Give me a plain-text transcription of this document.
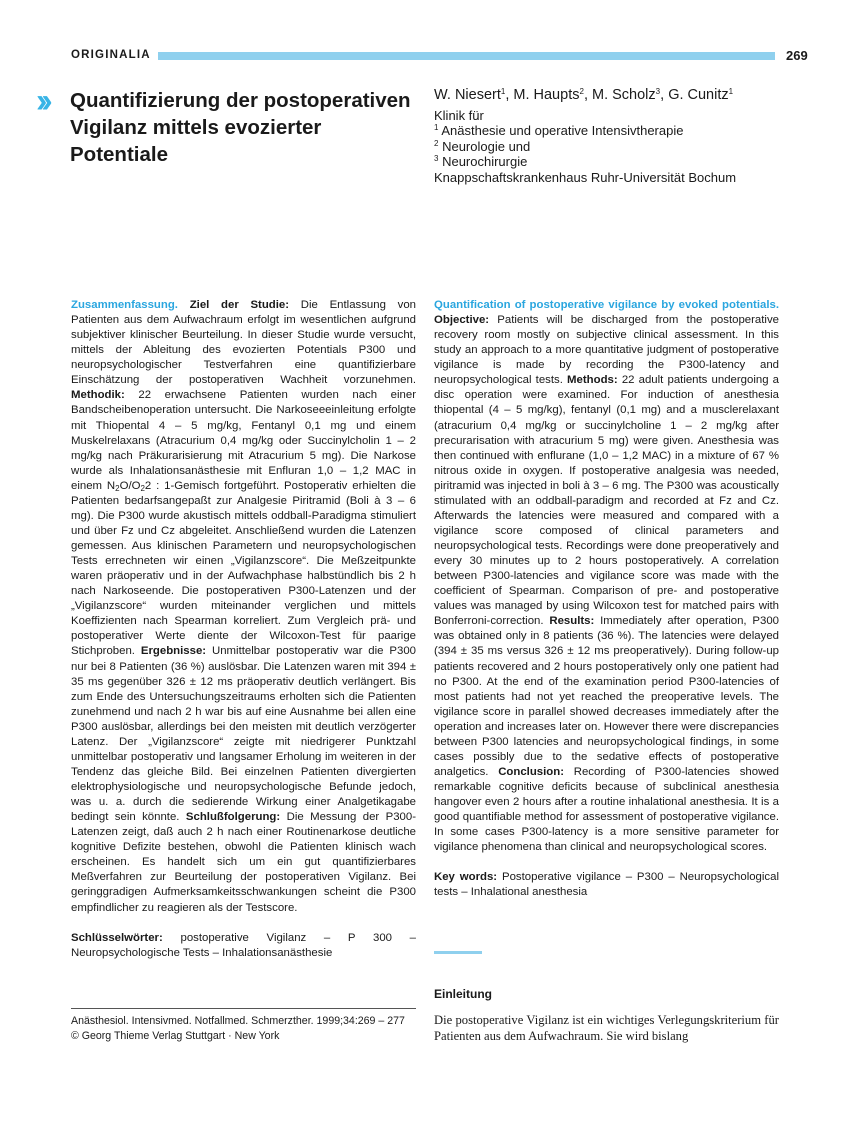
ORIGINALIA	269
›› Quantifizierung der postoperativen
Vigilanz mittels evozierter
Potentiale
W. Niesert$^1$, M. Haupts$^2$, M. Scholz$^3$, G. Cunitz$^1$
Klinik für
$^1$ Anästhesie und operative Intensivtherapie
$^2$ Neurologie und
$^3$ Neurochirurgie
Knappschaftskrankenhaus Ruhr-Universität Bochum
Zusammenfassung. Ziel der Studie: Die Entlassung von Patienten aus dem Aufwachraum erfolgt im wesentlichen aufgrund subjektiver klinischer Beurteilung. In dieser Studie wurde versucht, mittels der Ableitung des evozierten Potentials P300 und neuropsychologischer Testverfahren eine quantifizierbare Einschätzung der postoperativen Wachheit vorzunehmen. Methodik: 22 erwachsene Patienten wurden nach einer Bandscheibenoperation untersucht. Die Narkoseeeinleitung erfolgte mit Thiopental 4 – 5 mg/kg, Fentanyl 0,1 mg und einem Muskelrelaxans (Atracurium 0,4 mg/kg oder Succinylcholin 1 – 2 mg/kg nach Präkurarisierung mit Atracurium 5 mg). Die Narkose wurde als Inhalationsanästhesie mit Enfluran 1,0 – 1,2 MAC in einem $N_2O/O_22$ : 1-Gemisch fortgeführt. Postoperativ erhielten die Patienten bedarfsangepaßt zur Analgesie Piritramid (Boli à 3 – 6 mg). Die P300 wurde akustisch mittels oddball-Paradigma stimuliert und über Fz und Cz abgeleitet. Anschließend wurden die Latenzen gemessen. Aus klinischen Parametern und neuropsychologischen Tests errechneten wir einen „Vigilanzscore“. Die Meßzeitpunkte waren präoperativ und in der Aufwachphase halbstündlich bis 2 h nach Narkoseende. Die postoperativen P300-Latenzen und der „Vigilanzscore“ wurden miteinander verglichen und mittels Koeffizienten nach Spearman korreliert. Zum Vergleich prä- und postoperativer Werte diente der Wilcoxon-Test für paarige Stichproben. Ergebnisse: Unmittelbar postoperativ war die P300 nur bei 8 Patienten (36 %) auslösbar. Die Latenzen waren mit 394 ± 35 ms gegenüber 326 ± 12 ms präoperativ deutlich verlängert. Bis zum Ende des Untersuchungszeitraums erholten sich die Patienten zunehmend und nach 2 h war bis auf eine Ausnahme bei allen eine P300 auslösbar, allerdings bei den meisten mit deutlich verzögerter Latenz. Der „Vigilanzscore“ zeigte mit niedrigerer Punktzahl unmittelbar postoperativ und langsamer Erholung im weiteren in der Tendenz das gleiche Bild. Bei einzelnen Patienten divergierten elektrophysiologische und neuropsychologische Befunde jedoch, was u. a. durch die sedierende Wirkung einer Analgetikagabe bedingt sein könnte. Schlußfolgerung: Die Messung der P300-Latenzen zeigt, daß auch 2 h nach einer Routinenarkose deutliche kognitive Defizite bestehen, obwohl die Patienten klinisch wach erscheinen. Es handelt sich um ein gut quantifizierbares Meßverfahren zur Beurteilung der postoperativen Vigilanz. Bei geringgradigen Aufmerksamkeitsschwankungen scheint die P300 empfindlicher zu reagieren als der Testscore.
Schlüsselwörter: postoperative Vigilanz – P 300 – Neuropsychologische Tests – Inhalationsanästhesie
Quantification of postoperative vigilance by evoked potentials. Objective: Patients will be discharged from the postoperative recovery room mostly on subjective clinical assessment. In this study an approach to a more quantitative judgment of postoperative vigilance is made by recording the P300-latency and neuropsychological tests. Methods: 22 adult patients undergoing a disc operation were examined. For induction of anesthesia thiopental (4 – 5 mg/kg), fentanyl (0,1 mg) and a musclerelaxant (atracurium 0,4 mg/kg or succinylcholine 1 – 2 mg/kg after precurarisation with atracurium 5 mg) were given. Anesthesia was then continued with enflurane (1,0 – 1,2 MAC) in a mixture of 67 % nitrous oxide in oxygen. If postoperative analgesia was needed, piritramid was injected in boli à 3 – 6 mg. The P300 was acoustically stimulated with an oddball-paradigm and recorded at Fz and Cz. Afterwards the latencies were measured and compared with a vigilance score composed of clinical parameters and neuropsychological tests. Recordings were done preoperatively and every 30 minutes up to 2 hours postoperatively. A correlation between P300-latencies and vigilance score was made with the coefficient of Spearman. Comparison of pre- and postoperative values was managed by using Wilcoxon test for matched pairs with Bonferroni-correction. Results: Immediately after operation, P300 was obtained only in 8 patients (36 %). The latencies were delayed (394 ± 35 ms versus 326 ± 12 ms preoperatively). During follow-up patients recovered and 2 hours postoperatively only one patient had no P300. At the end of the examination period P300-latencies of most patients had not yet reached the preoperative levels. The vigilance score in parallel showed decreases immediately after the operation and increases later on. However there were discrepancies between P300 latencies and neuropsychological findings, in some cases possibly due to the sedative effects of postoperative analgetics. Conclusion: Recording of P300-latencies showed remarkable cognitive deficits because of subclinical anesthesia hangover even 2 hours after a routine inhalational anesthesia. It is a good quantifiable method for assessment of postoperative vigilance. In some cases P300-latency is a more sensitive parameter for vigilance phenomena than clinical and neuropsychological scores.
Key words: Postoperative vigilance – P300 – Neuropsychological tests – Inhalational anesthesia
Einleitung
Die postoperative Vigilanz ist ein wichtiges Verlegungskriterium für Patienten aus dem Aufwachraum. Sie wird bislang
Anästhesiol. Intensivmed. Notfallmed. Schmerzther. 1999;34:269 – 277
© Georg Thieme Verlag Stuttgart · New York
